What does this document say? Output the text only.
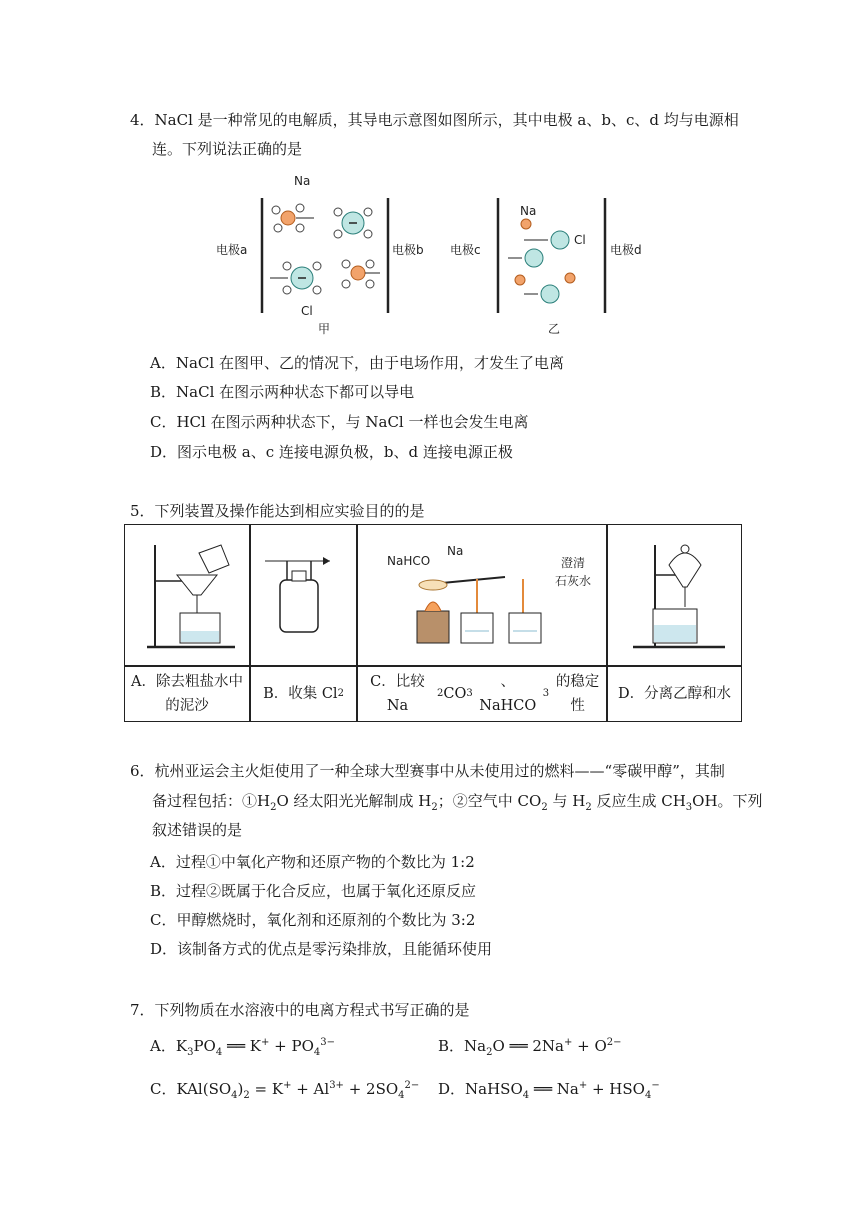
4．NaCl 是一种常见的电解质，其导电示意图如图所示，其中电极 a、b、c、d 均与电源相
连。下列说法正确的是
电极a	电极b
Na
Cl
甲
电极c	电极d
Na
Cl
乙
A．NaCl 在图甲、乙的情况下，由于电场作用，才发生了电离
B．NaCl 在图示两种状态下都可以导电
C．HCl 在图示两种状态下，与 NaCl 一样也会发生电离
D．图示电极 a、c 连接电源负极，b、d 连接电源正极
5．下列装置及操作能达到相应实验目的的是
NaHCO
Na
澄清
石灰水
A．除去粗盐水中
的泥沙
B．收集 Cl 2
C．比较 Na
2 CO 3
、NaHCO
3
的稳定性
D．分离乙醇和水
6．杭州亚运会主火炬使用了一种全球大型赛事中从未使用过的燃料——“零碳甲醇”，其制
备过程包括：$①H_2O$ 经太阳光光解制成 $H_2$；②空气中 $CO_2$ 与 $H_2$ 反应生成 $CH_3OH$。下列
叙述错误的是
A．过程①中氧化产物和还原产物的个数比为 1:2
B．过程②既属于化合反应，也属于氧化还原反应
C．甲醇燃烧时，氧化剂和还原剂的个数比为 3:2
D．该制备方式的优点是零污染排放，且能循环使用
7．下列物质在水溶液中的电离方程式书写正确的是
A．$K_3PO_4$ ══ $K^+ + PO_4^{3-}$	B．$Na_2O$ ══ $2Na^+ + O^{2-}$
C．$KAl(SO_4)_2 = K^+ + Al^{3+} + 2SO_4^{2-}$ D．NaHSO$_4$ ══ $Na^+ + HSO_4^-$
